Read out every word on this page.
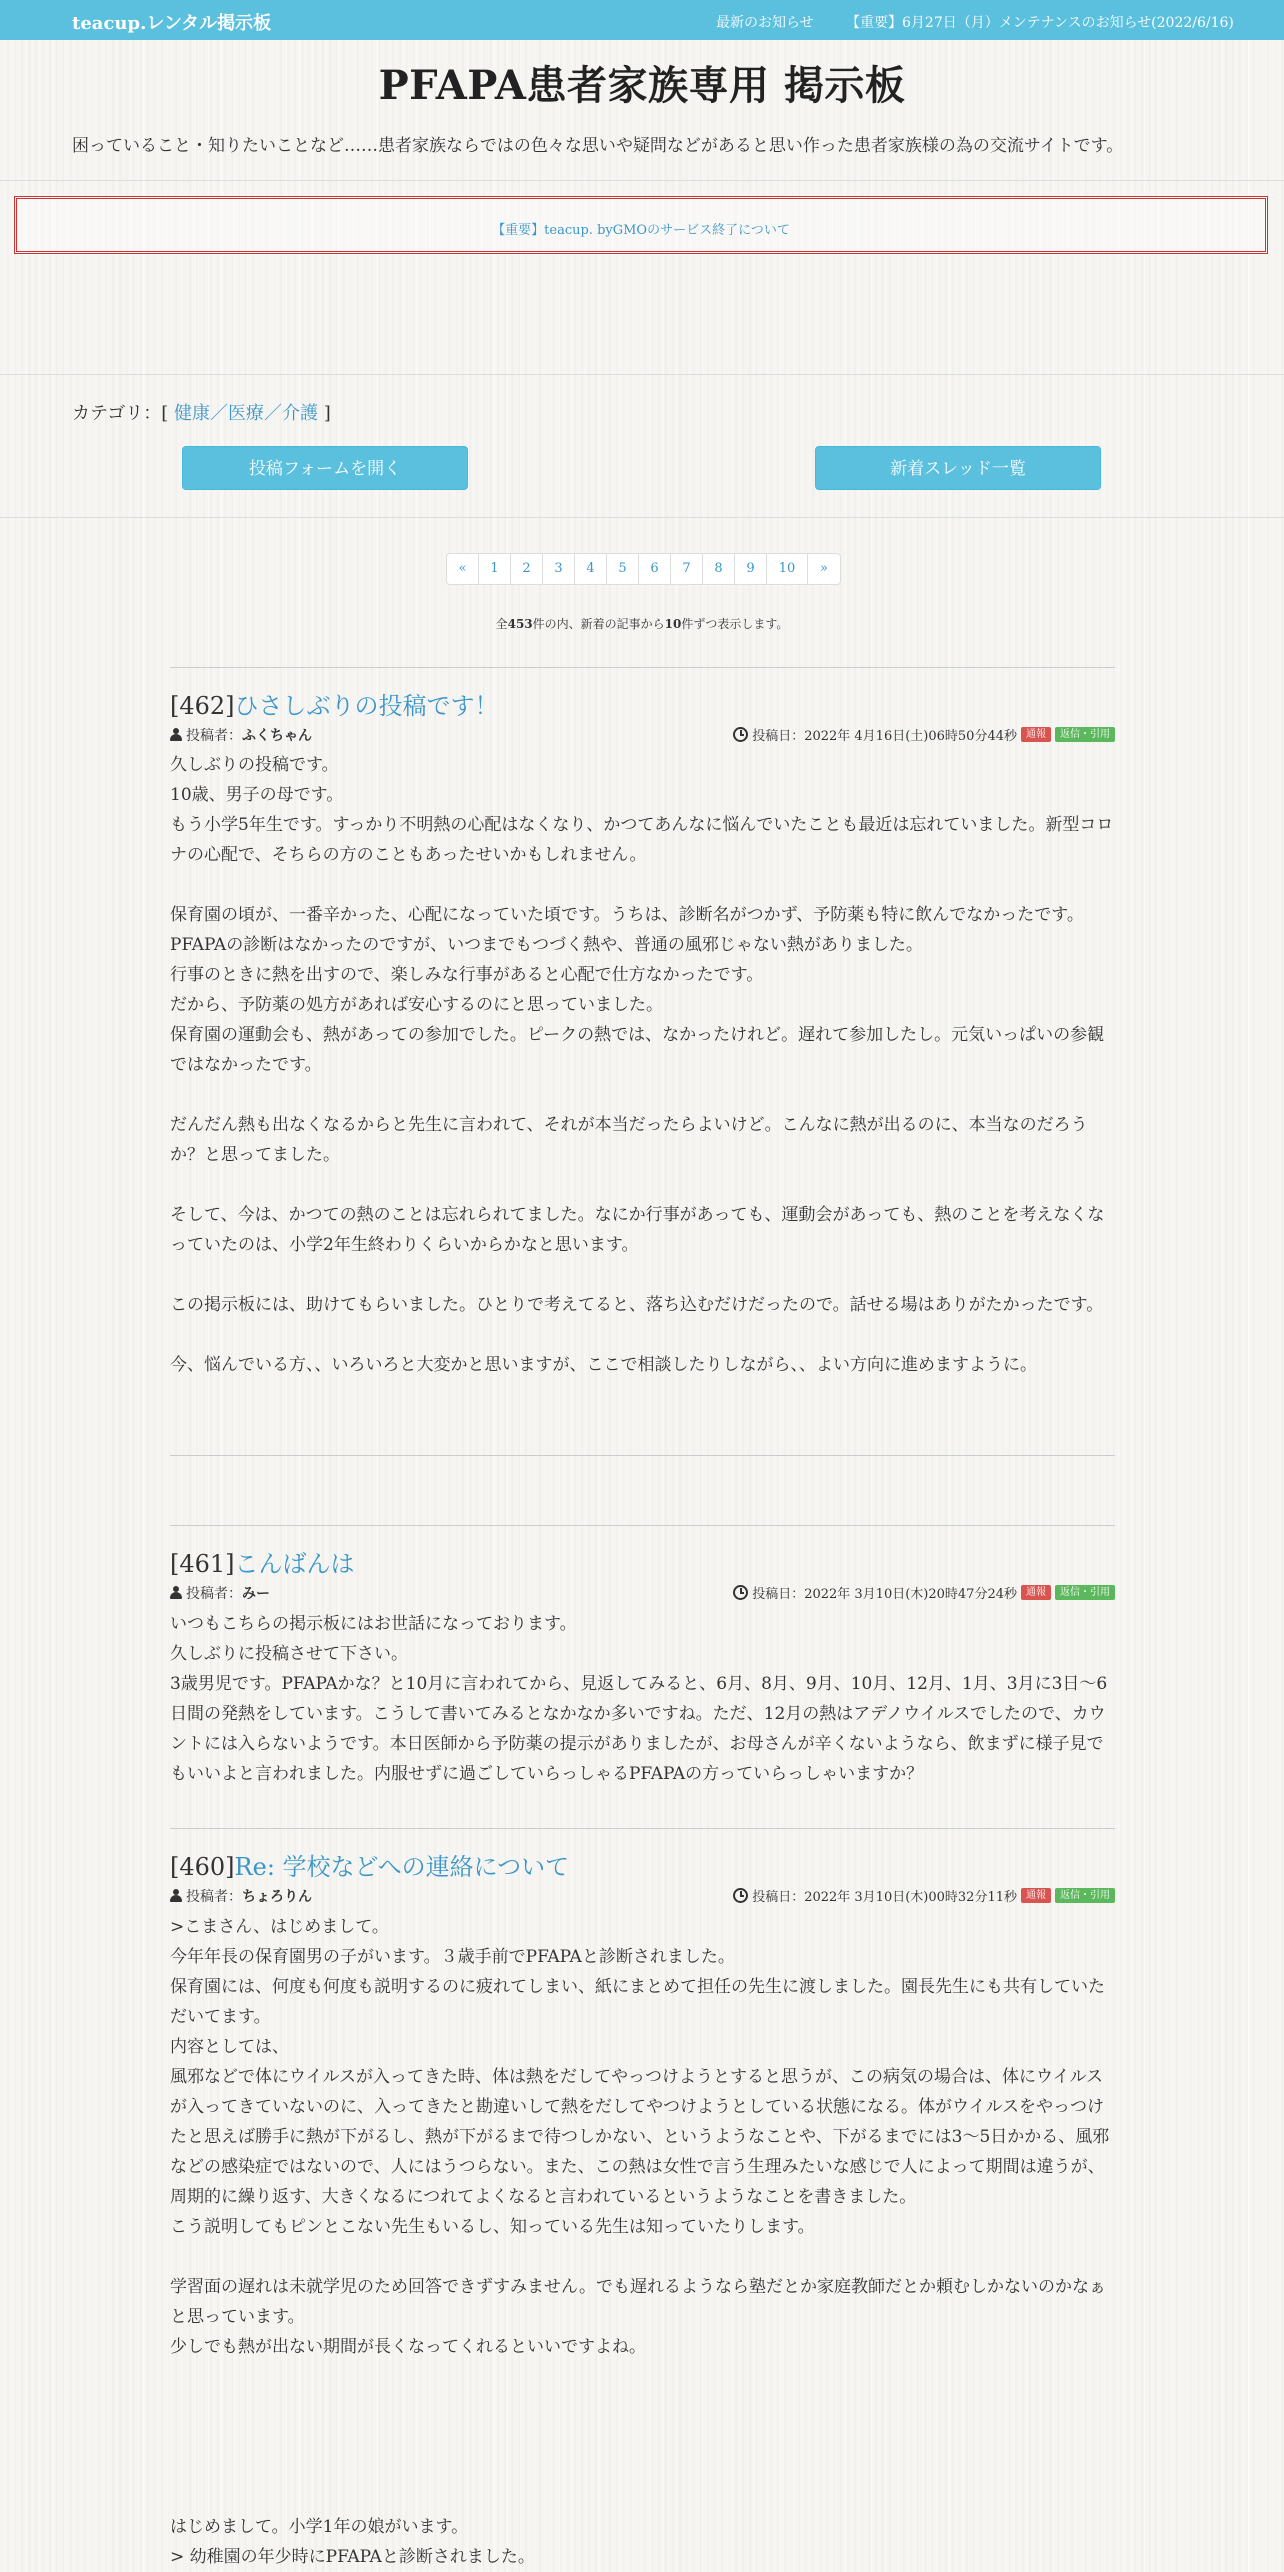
teacup.レンタル掲示板	最新のお知らせ 【重要】6月27日（月）メンテナンスのお知らせ(2022/6/16)
PFAPA患者家族専用 掲示板
困っていること・知りたいことなど……患者家族ならではの色々な思いや疑問などがあると思い作った患者家族様の為の交流サイトです。
【重要】teacup. byGMOのサービス終了について
カテゴリ：[ 健康／医療／介護 ]
投稿フォームを開く	新着スレッド一覧
«	1	2	3	4	5	6	7	8	9	10	»
全453件の内、新着の記事から10件ずつ表示します。
[462]ひさしぶりの投稿です！
投稿者：ふくちゃん	投稿日：2022年 4月16日(土)06時50分44秒 通報	返信・引用

久しぶりの投稿です。

10歳、男子の母です。

もう小学5年生です。すっかり不明熱の心配はなくなり、かつてあんなに悩んでいたことも最近は忘れていました。新型コロナの心配で、そちらの方のこともあったせいかもしれません。

保育園の頃が、一番辛かった、心配になっていた頃です。うちは、診断名がつかず、予防薬も特に飲んでなかったです。

PFAPAの診断はなかったのですが、いつまでもつづく熱や、普通の風邪じゃない熱がありました。

行事のときに熱を出すので、楽しみな行事があると心配で仕方なかったです。

だから、予防薬の処方があれば安心するのにと思っていました。

保育園の運動会も、熱があっての参加でした。ピークの熱では、なかったけれど。遅れて参加したし。元気いっぱいの参観ではなかったです。

だんだん熱も出なくなるからと先生に言われて、それが本当だったらよいけど。こんなに熱が出るのに、本当なのだろうか？と思ってました。

そして、今は、かつての熱のことは忘れられてました。なにか行事があっても、運動会があっても、熱のことを考えなくなっていたのは、小学2年生終わりくらいからかなと思います。

この掲示板には、助けてもらいました。ひとりで考えてると、落ち込むだけだったので。話せる場はありがたかったです。

今、悩んでいる方、、いろいろと大変かと思いますが、ここで相談したりしながら、、よい方向に進めますように。

[461]こんばんは
投稿者：みー	投稿日：2022年 3月10日(木)20時47分24秒 通報	返信・引用

いつもこちらの掲示板にはお世話になっております。

久しぶりに投稿させて下さい。

3歳男児です。PFAPAかな？と10月に言われてから、見返してみると、6月、8月、9月、10月、12月、1月、3月に3日～6日間の発熱をしています。こうして書いてみるとなかなか多いですね。ただ、12月の熱はアデノウイルスでしたので、カウントには入らないようです。本日医師から予防薬の提示がありましたが、お母さんが辛くないようなら、飲まずに様子見でもいいよと言われました。内服せずに過ごしていらっしゃるPFAPAの方っていらっしゃいますか？

[460]Re: 学校などへの連絡について
投稿者：ちょろりん	投稿日：2022年 3月10日(木)00時32分11秒 通報	返信・引用

>こまさん、はじめまして。

今年年長の保育園男の子がいます。３歳手前でPFAPAと診断されました。

保育園には、何度も何度も説明するのに疲れてしまい、紙にまとめて担任の先生に渡しました。園長先生にも共有していただいてます。

内容としては、

風邪などで体にウイルスが入ってきた時、体は熱をだしてやっつけようとすると思うが、この病気の場合は、体にウイルスが入ってきていないのに、入ってきたと勘違いして熱をだしてやつけようとしている状態になる。体がウイルスをやっつけたと思えば勝手に熱が下がるし、熱が下がるまで待つしかない、というようなことや、下がるまでには3～5日かかる、風邪などの感染症ではないので、人にはうつらない。また、この熱は女性で言う生理みたいな感じで人によって期間は違うが、周期的に繰り返す、大きくなるにつれてよくなると言われているというようなことを書きました。

こう説明してもピンとこない先生もいるし、知っている先生は知っていたりします。

学習面の遅れは未就学児のため回答できずすみません。でも遅れるようなら塾だとか家庭教師だとか頼むしかないのかなぁと思っています。

少しでも熱が出ない期間が長くなってくれるといいですよね。

はじめまして。小学1年の娘がいます。

> 幼稚園の年少時にPFAPAと診断されました。
